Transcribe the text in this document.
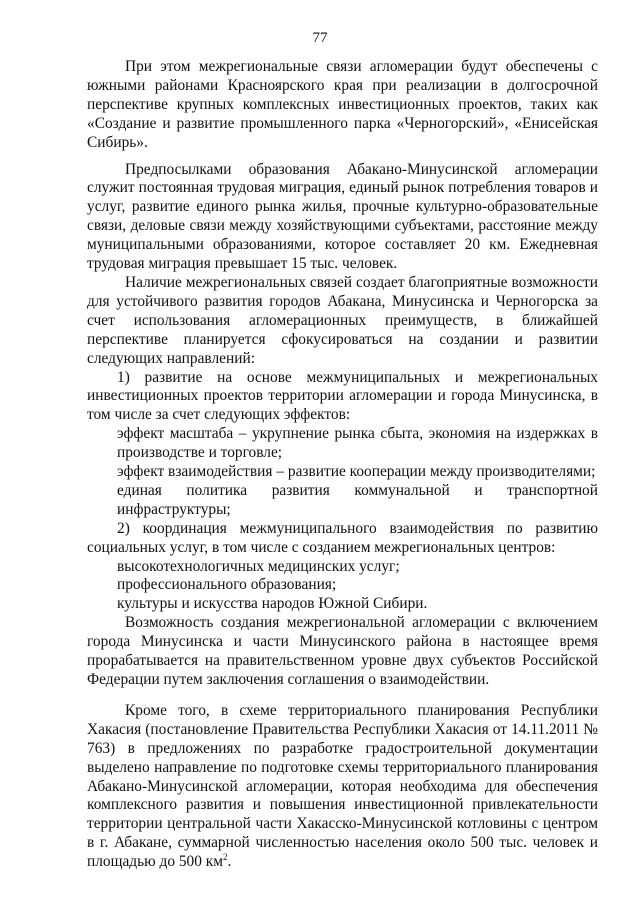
77

При этом межрегиональные связи агломерации будут обеспечены с южными районами Красноярского края при реализации в долгосрочной перспективе крупных комплексных инвестиционных проектов, таких как «Создание и развитие промышленного парка «Черногорский», «Енисейская Сибирь».

Предпосылками образования Абакано-Минусинской агломерации служит постоянная трудовая миграция, единый рынок потребления товаров и услуг, развитие единого рынка жилья, прочные культурно-образовательные связи, деловые связи между хозяйствующими субъектами, расстояние между муниципальными образованиями, которое составляет 20 км. Ежедневная трудовая миграция превышает 15 тыс. человек.

Наличие межрегиональных связей создает благоприятные возможности для устойчивого развития городов Абакана, Минусинска и Черногорска за счет использования агломерационных преимуществ, в ближайшей перспективе планируется сфокусироваться на создании и развитии следующих направлений:

1) развитие на основе межмуниципальных и межрегиональных инвестиционных проектов территории агломерации и города Минусинска, в том числе за счет следующих эффектов:

эффект масштаба – укрупнение рынка сбыта, экономия на издержках в производстве и торговле;

эффект взаимодействия – развитие кооперации между производителями;

единая политика развития коммунальной и транспортной инфраструктуры;

2) координация межмуниципального взаимодействия по развитию социальных услуг, в том числе с созданием межрегиональных центров:

высокотехнологичных медицинских услуг;

профессионального образования;

культуры и искусства народов Южной Сибири.

Возможность создания межрегиональной агломерации с включением города Минусинска и части Минусинского района в настоящее время прорабатывается на правительственном уровне двух субъектов Российской Федерации путем заключения соглашения о взаимодействии.

Кроме того, в схеме территориального планирования Республики Хакасия (постановление Правительства Республики Хакасия от 14.11.2011 № 763) в предложениях по разработке градостроительной документации выделено направление по подготовке схемы территориального планирования Абакано-Минусинской агломерации, которая необходима для обеспечения комплексного развития и повышения инвестиционной привлекательности территории центральной части Хакасско-Минусинской котловины с центром в г. Абакане, суммарной численностью населения около 500 тыс. человек и площадью до 500 $км^2$.
